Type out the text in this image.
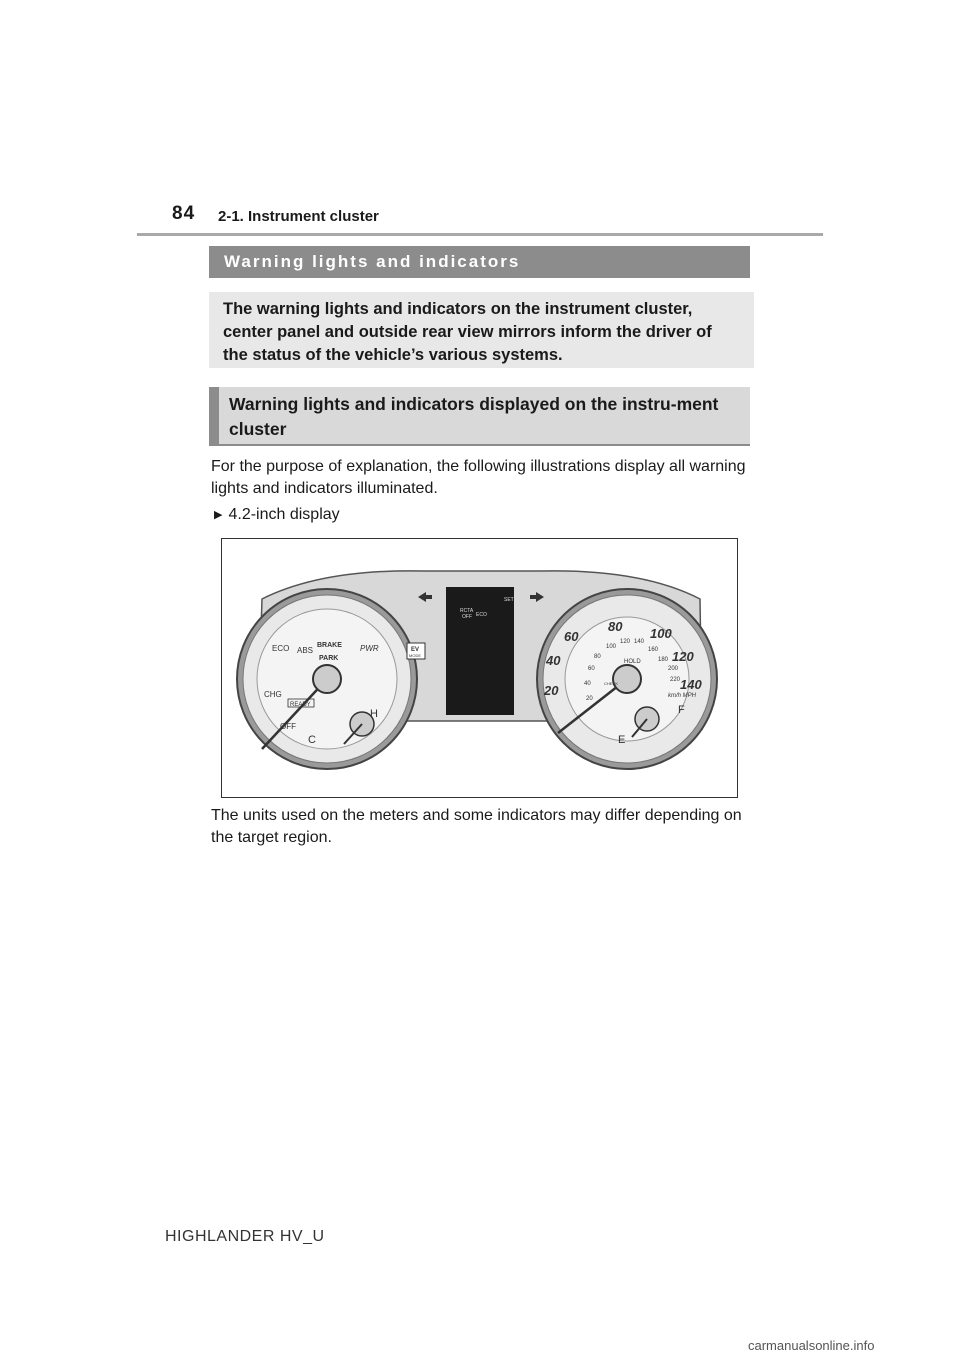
84 2-1. Instrument cluster
Warning lights and indicators
The warning lights and indicators on the instrument cluster, center panel and outside rear view mirrors inform the driver of the status of the vehicle’s various systems.
Warning lights and indicators displayed on the instru-ment cluster
For the purpose of explanation, the following illustrations display all warning lights and indicators illuminated.
▶ 4.2-inch display
ECO ABS
BRAKE
PARK
PWR
CHG
OFF
READY
C
H
EV
MODE
RCTA
OFF ECO
SET
20
40
60
80 100
120
140
20
40
60
80
100
120 140
160
180
200
220
km/h MPH
HOLD
CHECK
E
F
The units used on the meters and some indicators may differ depending on the target region.
HIGHLANDER HV_U
carmanualsonline.info
